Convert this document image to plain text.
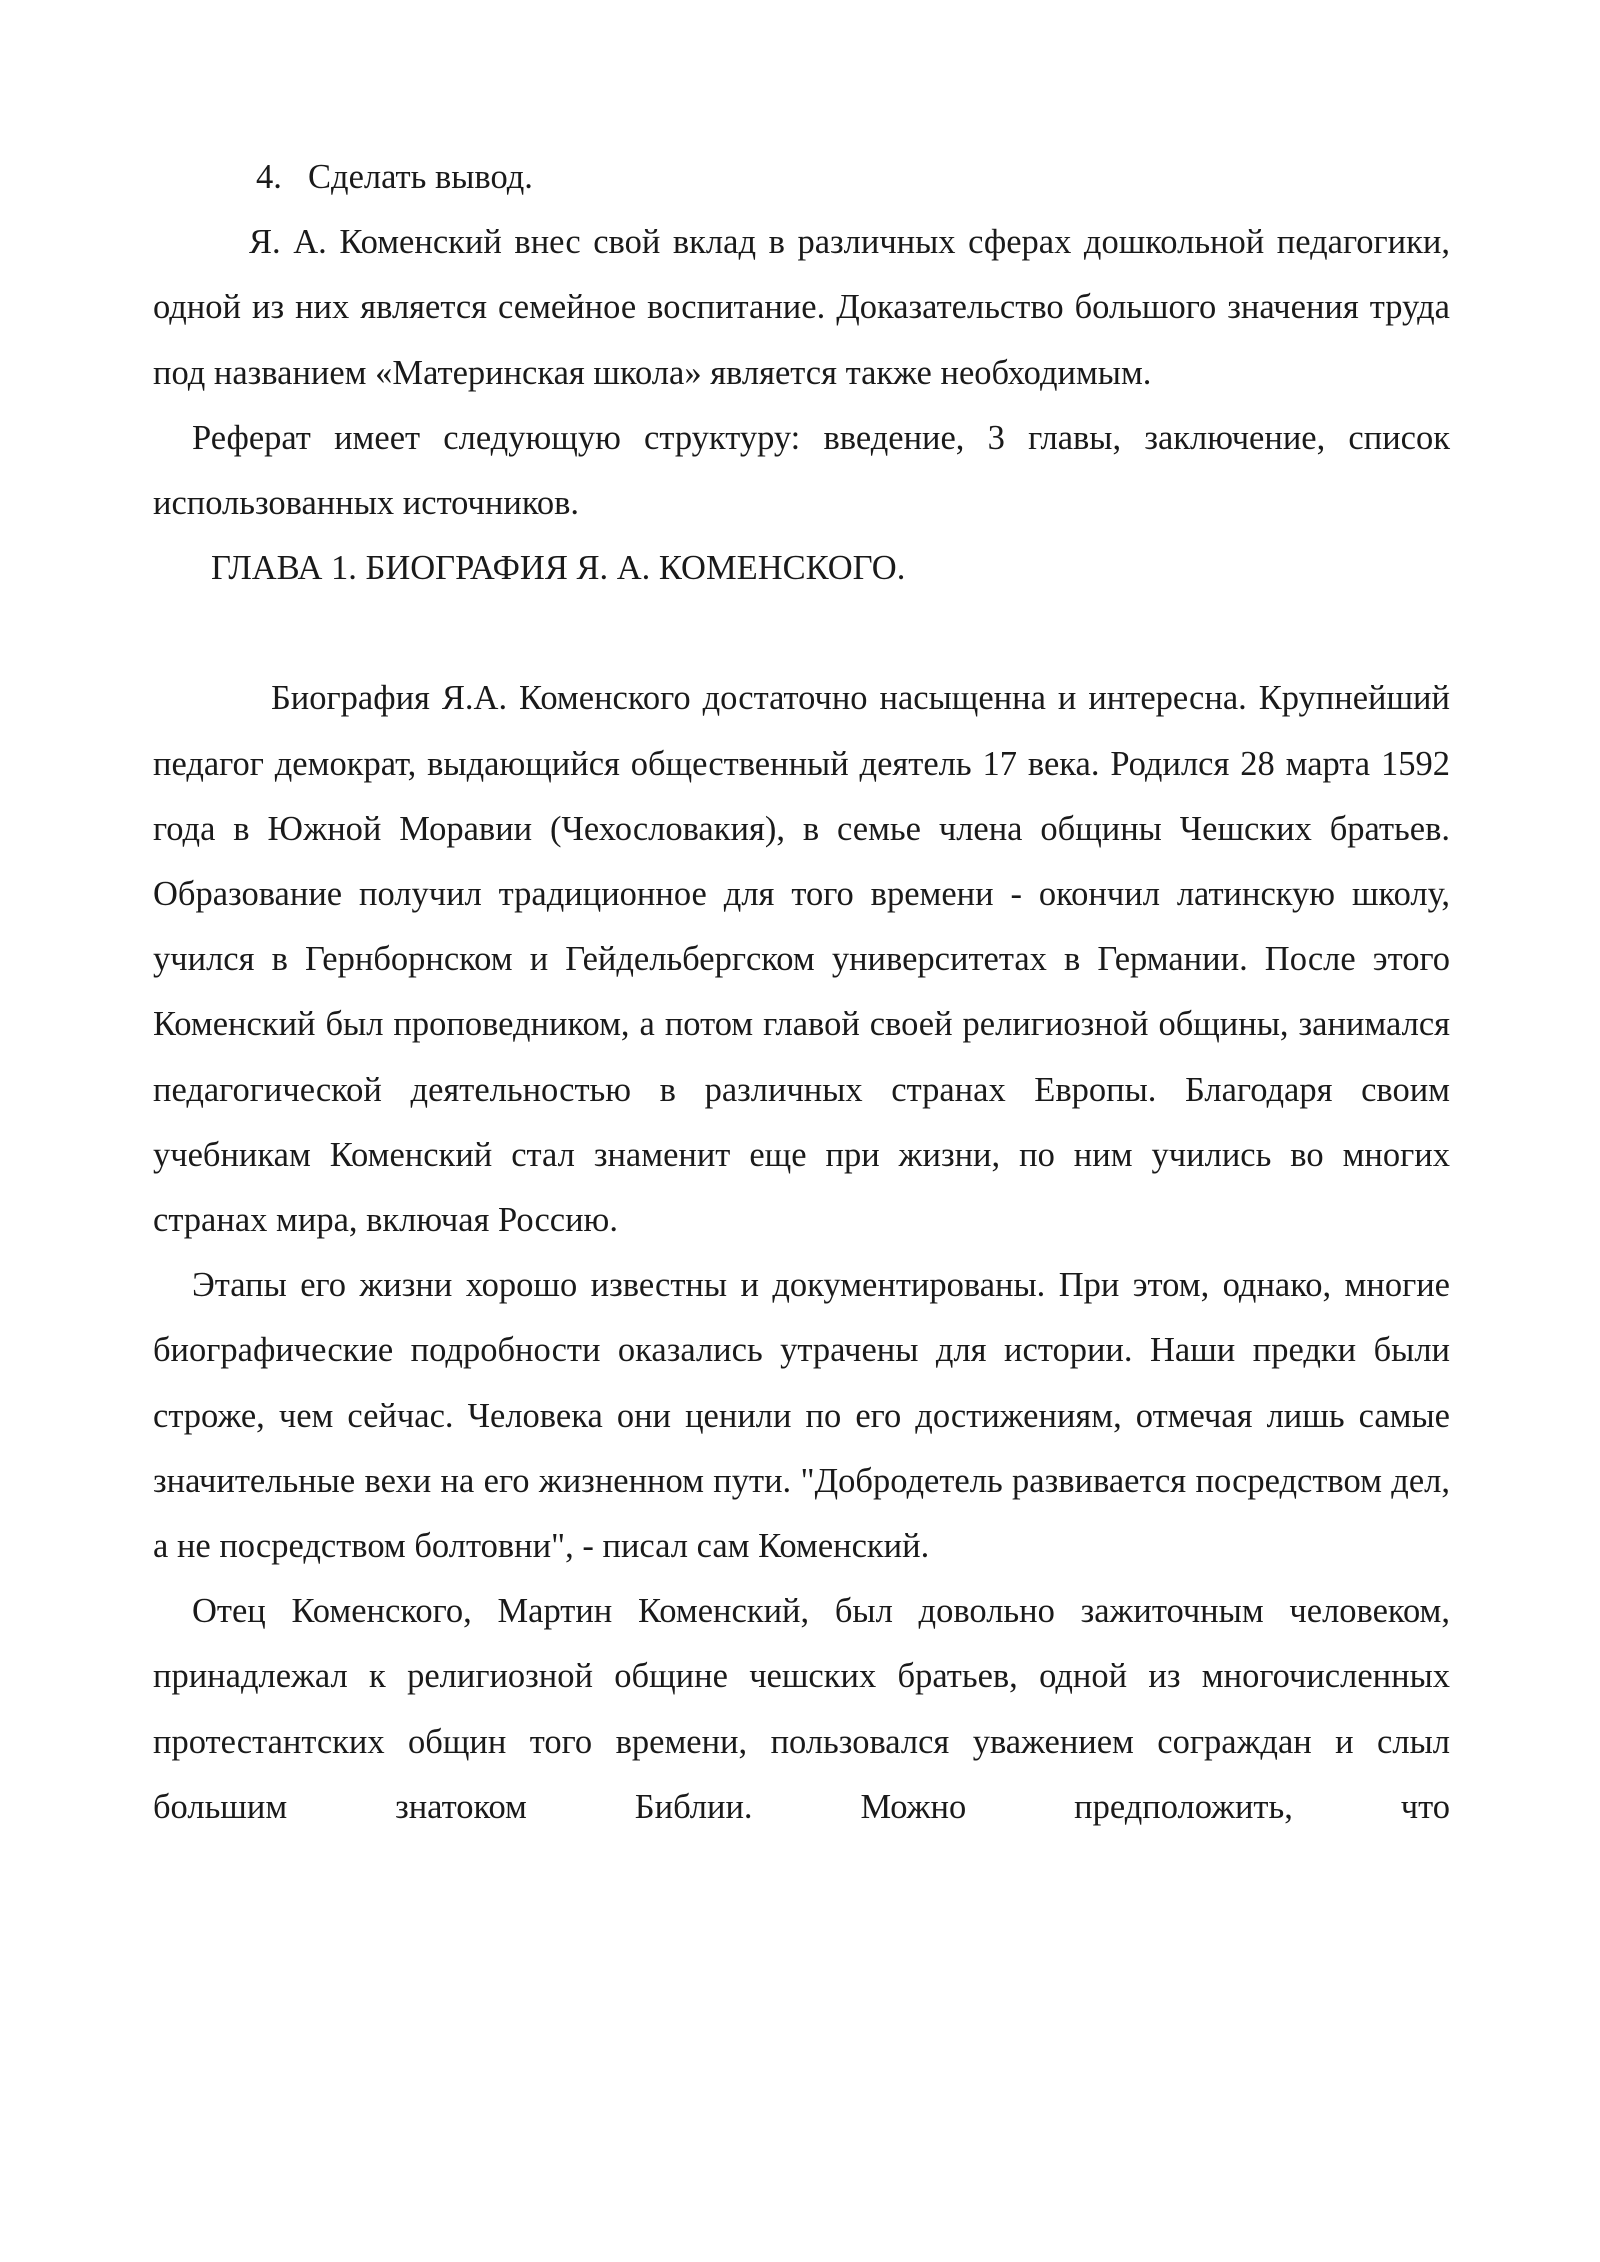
4. Сделать вывод.

Я. А. Коменский внес свой вклад в различных сферах дошкольной педагогики, одной из них является семейное воспитание. Доказательство большого значения труда под названием «Материнская школа» является также необходимым.

Реферат имеет следующую структуру: введение, 3 главы, заключение, список использованных источников.

ГЛАВА 1. БИОГРАФИЯ Я. А. КОМЕНСКОГО.

Биография Я.А. Коменского достаточно насыщенна и интересна. Крупнейший педагог демократ, выдающийся общественный деятель 17 века. Родился 28 марта 1592 года в Южной Моравии (Чехословакия), в семье члена общины Чешских братьев. Образование получил традиционное для того времени - окончил латинскую школу, учился в Гернборнском и Гейдельбергском университетах в Германии. После этого Коменский был проповедником, а потом главой своей религиозной общины, занимался педагогической деятельностью в различных странах Европы. Благодаря своим учебникам Коменский стал знаменит еще при жизни, по ним учились во многих странах мира, включая Россию.

Этапы его жизни хорошо известны и документированы. При этом, однако, многие биографические подробности оказались утрачены для истории. Наши предки были строже, чем сейчас. Человека они ценили по его достижениям, отмечая лишь самые значительные вехи на его жизненном пути. "Добродетель развивается посредством дел, а не посредством болтовни", - писал сам Коменский.

Отец Коменского, Мартин Коменский, был довольно зажиточным человеком, принадлежал к религиозной общине чешских братьев, одной из многочисленных протестантских общин того времени, пользовался уважением сограждан и слыл большим знатоком Библии. Можно предположить, что
